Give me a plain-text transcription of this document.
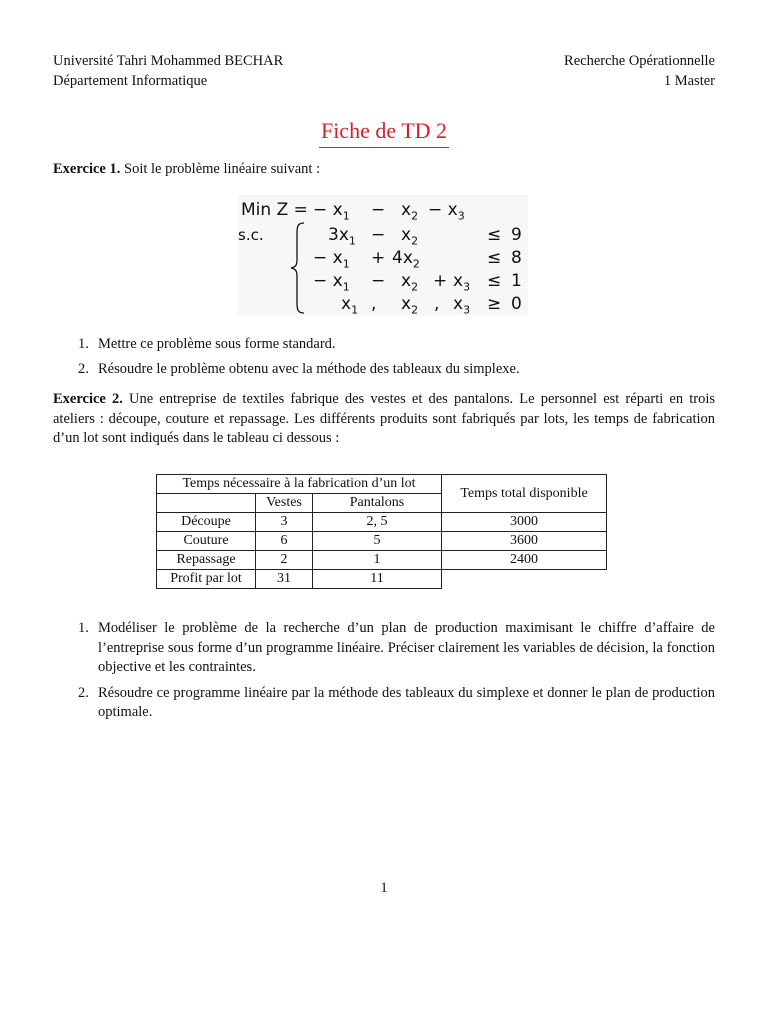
Université Tahri Mohammed BECHAR
Département Informatique
Recherche Opérationnelle
1 Master
Fiche de TD 2
Exercice 1. Soit le problème linéaire suivant :
Min Z = − $x_1 - x_2 - x_3$
s.c.	$3x_1 - x_2$	≤ 9
− $x_1 + 4x_2$	≤ 8
− $x_1 - x_2 + x_3 \le 1$
$x_1$ , $x_2$ , $x_3 \ge 0$
1. Mettre ce problème sous forme standard.
2. Résoudre le problème obtenu avec la méthode des tableaux du simplexe.
Exercice 2. Une entreprise de textiles fabrique des vestes et des pantalons. Le personnel est réparti en trois ateliers : découpe, couture et repassage. Les différents produits sont fabriqués par lots, les temps de fabrication d’un lot sont indiqués dans le tableau ci dessous :
Temps nécessaire à la fabrication d’un lot			Temps total disponible
	Vestes	Pantalons	
Découpe	3	2, 5	3000
Couture	6	5	3600
Repassage	2	1	2400
Profit par lot	31	11	
1. Modéliser le problème de la recherche d’un plan de production maximisant le chiffre d’affaire de l’entreprise sous forme d’un programme linéaire. Préciser clairement les variables de décision, la fonction objective et les contraintes.
2. Résoudre ce programme linéaire par la méthode des tableaux du simplexe et donner le plan de production optimale.
1
